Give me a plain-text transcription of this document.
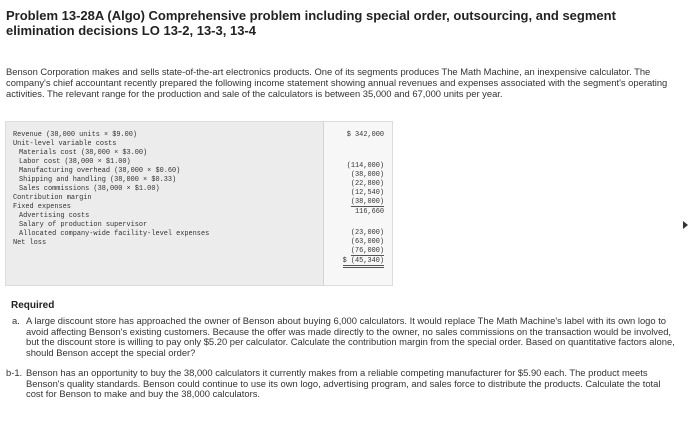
Problem 13-28A (Algo) Comprehensive problem including special order, outsourcing, and segment
elimination decisions LO 13-2, 13-3, 13-4
Benson Corporation makes and sells state-of-the-art electronics products. One of its segments produces The Math Machine, an inexpensive calculator. The company's chief accountant recently prepared the following income statement showing annual revenues and expenses associated with the segment's operating activities. The relevant range for the production and sale of the calculators is between 35,000 and 67,000 units per year.
Revenue (38,000 units × $9.00)	$ 342,000
Unit-level variable costs
Materials cost (38,000 × $3.00)
Labor cost (38,000 × $1.00)
Manufacturing overhead (38,000 × $0.60)
Shipping and handling (38,000 × $0.33)
Sales commissions (38,000 × $1.00)
Contribution margin
Fixed expenses
Advertising costs
Salary of production supervisor
Allocated company-wide facility-level expenses
Net loss
(114,000)
(38,000)
(22,800)
(12,540)
(38,000)
116,660
(23,000)
(63,000)
(76,000)
$ (45,340)
Required
a. A large discount store has approached the owner of Benson about buying 6,000 calculators. It would replace The Math Machine's label with its own logo to avoid affecting Benson's existing customers. Because the offer was made directly to the owner, no sales commissions on the transaction would be involved, but the discount store is willing to pay only $5.20 per calculator. Calculate the contribution margin from the special order. Based on quantitative factors alone, should Benson accept the special order?
b-1. Benson has an opportunity to buy the 38,000 calculators it currently makes from a reliable competing manufacturer for $5.90 each. The product meets Benson's quality standards. Benson could continue to use its own logo, advertising program, and sales force to distribute the products. Calculate the total cost for Benson to make and buy the 38,000 calculators.
